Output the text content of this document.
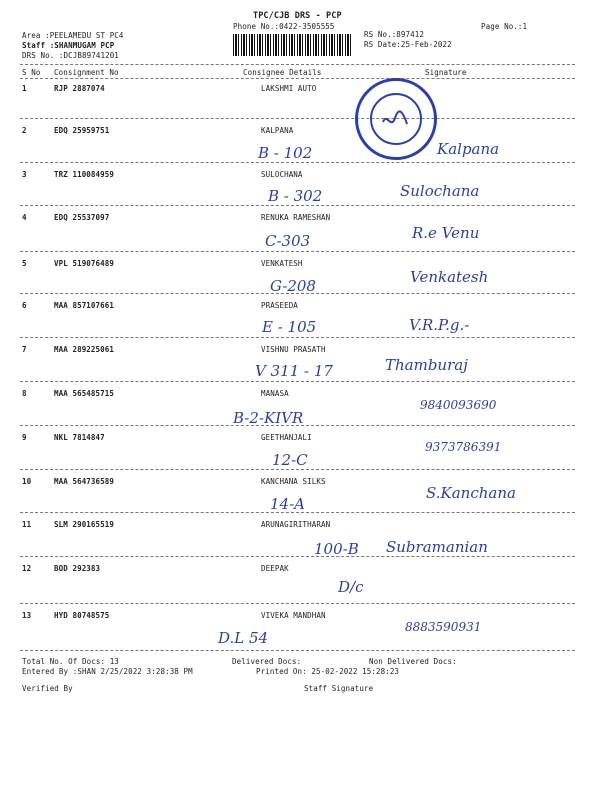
TPC/CJB DRS - PCP
Phone No.:0422-3505555	Page No.:1
Area :PEELAMEDU ST PC4
Staff :SHANMUGAM PCP
DRS No. :DCJB89741201
RS No.:897412
RS Date:25-Feb-2022
S No Consignment No	Consignee Details	Signature
1	RJP 2887074	LAKSHMI AUTO
2	EDQ 25959751	KALPANA
B - 102	Kalpana
3	TRZ 110084959	SULOCHANA
B - 302	Sulochana
4	EDQ 25537097	RENUKA RAMESHAN
C-303	R.e Venu
5	VPL 519076489	VENKATESH
G-208	Venkatesh
6	MAA 857107661	PRASEEDA
E - 105	V.R.P.g.-
7	MAA 289225061	VISHNU PRASATH
V 311 - 17	Thamburaj
8	MAA 565485715	MANASA
B-2-KIVR
9840093690
9	NKL 7814847	GEETHANJALI
12-C
9373786391
10	MAA 564736589	KANCHANA SILKS
14-A
S.Kanchana
11	SLM 290165519	ARUNAGIRITHARAN
100-B Subramanian
12	BOD 292383	DEEPAK
D/c
13	HYD 80748575	VIVEKA MANDHAN
D.L 54
8883590931
Total No. Of Docs: 13	Delivered Docs:	Non Delivered Docs:
Entered By :SHAN 2/25/2022 3:28:38 PM	Printed On: 25-02-2022 15:28:23
Verified By	Staff Signature
